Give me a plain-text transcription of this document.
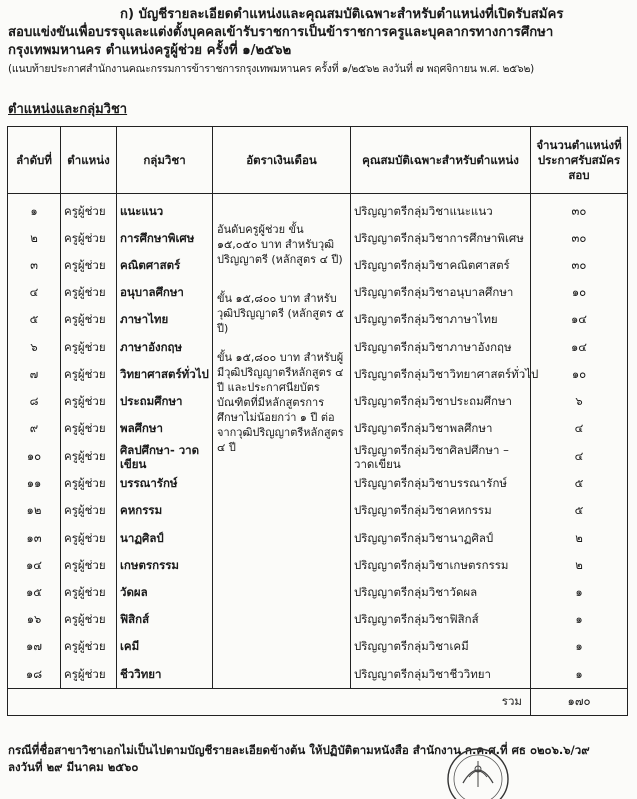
ก) บัญชีรายละเอียดตำแหน่งและคุณสมบัติเฉพาะสำหรับตำแหน่งที่เปิดรับสมัคร
สอบแข่งขันเพื่อบรรจุและแต่งตั้งบุคคลเข้ารับราชการเป็นข้าราชการครูและบุคลากรทางการศึกษา
กรุงเทพมหานคร ตำแหน่งครูผู้ช่วย ครั้งที่ ๑/๒๕๖๒
(แนบท้ายประกาศสำนักงานคณะกรรมการข้าราชการกรุงเทพมหานคร ครั้งที่ ๑/๒๕๖๒ ลงวันที่ ๗ พฤศจิกายน พ.ศ. ๒๕๖๒)
ตำแหน่งและกลุ่มวิชา
ลำดับที่	ตำแหน่ง	กลุ่มวิชา	อัตราเงินเดือน	คุณสมบัติเฉพาะสำหรับตำแหน่ง	จำนวนตำแหน่งที่ประกาศรับสมัครสอบ
๑	ครูผู้ช่วย	แนะแนว	อันดับครูผู้ช่วย ขั้น ๑๕,๐๕๐ บาท สำหรับวุฒิปริญญาตรี (หลักสูตร ๔ ปี)
ขั้น ๑๕,๘๐๐ บาท สำหรับวุฒิปริญญาตรี (หลักสูตร ๕ ปี)
ขั้น ๑๕,๘๐๐ บาท สำหรับผู้มีวุฒิปริญญาตรีหลักสูตร ๔ ปี และประกาศนียบัตรบัณฑิตที่มีหลักสูตรการศึกษาไม่น้อยกว่า ๑ ปี ต่อจากวุฒิปริญญาตรีหลักสูตร ๔ ปี	ปริญญาตรีกลุ่มวิชาแนะแนว	๓๐
๒	ครูผู้ช่วย	การศึกษาพิเศษ		ปริญญาตรีกลุ่มวิชาการศึกษาพิเศษ	๓๐
๓	ครูผู้ช่วย	คณิตศาสตร์		ปริญญาตรีกลุ่มวิชาคณิตศาสตร์	๓๐
๔	ครูผู้ช่วย	อนุบาลศึกษา		ปริญญาตรีกลุ่มวิชาอนุบาลศึกษา	๑๐
๕	ครูผู้ช่วย	ภาษาไทย		ปริญญาตรีกลุ่มวิชาภาษาไทย	๑๔
๖	ครูผู้ช่วย	ภาษาอังกฤษ		ปริญญาตรีกลุ่มวิชาภาษาอังกฤษ	๑๔
๗	ครูผู้ช่วย	วิทยาศาสตร์ทั่วไป		ปริญญาตรีกลุ่มวิชาวิทยาศาสตร์ทั่วไป	๑๐
๘	ครูผู้ช่วย	ประถมศึกษา		ปริญญาตรีกลุ่มวิชาประถมศึกษา	๖
๙	ครูผู้ช่วย	พลศึกษา		ปริญญาตรีกลุ่มวิชาพลศึกษา	๔
๑๐	ครูผู้ช่วย	ศิลปศึกษา- วาดเขียน		ปริญญาตรีกลุ่มวิชาศิลปศึกษา – วาดเขียน	๔
๑๑	ครูผู้ช่วย	บรรณารักษ์		ปริญญาตรีกลุ่มวิชาบรรณารักษ์	๕
๑๒	ครูผู้ช่วย	คหกรรม		ปริญญาตรีกลุ่มวิชาคหกรรม	๕
๑๓	ครูผู้ช่วย	นาฏศิลป์		ปริญญาตรีกลุ่มวิชานาฏศิลป์	๒
๑๔	ครูผู้ช่วย	เกษตรกรรม		ปริญญาตรีกลุ่มวิชาเกษตรกรรม	๒
๑๕	ครูผู้ช่วย	วัดผล		ปริญญาตรีกลุ่มวิชาวัดผล	๑
๑๖	ครูผู้ช่วย	ฟิสิกส์		ปริญญาตรีกลุ่มวิชาฟิสิกส์	๑
๑๗	ครูผู้ช่วย	เคมี		ปริญญาตรีกลุ่มวิชาเคมี	๑
๑๘	ครูผู้ช่วย	ชีววิทยา		ปริญญาตรีกลุ่มวิชาชีววิทยา	๑
รวม					๑๗๐
กรณีที่ชื่อสาขาวิชาเอกไม่เป็นไปตามบัญชีรายละเอียดข้างต้น ให้ปฏิบัติตามหนังสือ สำนักงาน ก.ค.ศ.ที่ ศธ ๐๒๐๖.๖/ว๙
ลงวันที่ ๒๙ มีนาคม ๒๕๖๐
